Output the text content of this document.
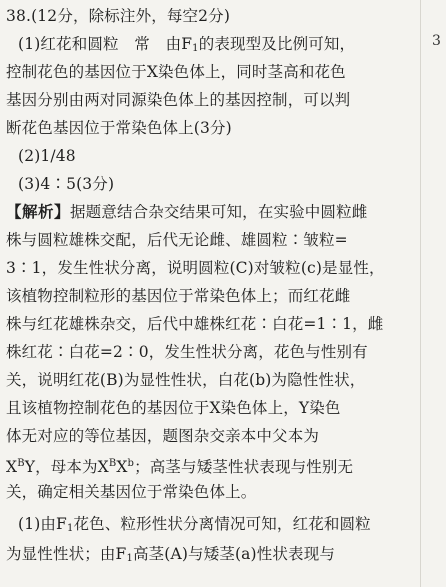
38.(12分，除标注外，每空2分)
(1)红花和圆粒　常　由$F_1$的表现型及比例可知，
控制花色的基因位于X染色体上，同时茎高和花色
基因分别由两对同源染色体上的基因控制，可以判
断花色基因位于常染色体上(3分)
(2)1/48
(3)4∶5(3分)
【解析】据题意结合杂交结果可知，在实验中圆粒雌
株与圆粒雄株交配，后代无论雌、雄圆粒∶皱粒=
3∶1，发生性状分离，说明圆粒(C)对皱粒(c)是显性，
该植物控制粒形的基因位于常染色体上；而红花雌
株与红花雄株杂交，后代中雄株红花∶白花=1∶1，雌
株红花∶白花=2∶0，发生性状分离，花色与性别有
关，说明红花(B)为显性性状，白花(b)为隐性性状，
且该植物控制花色的基因位于X染色体上，Y染色
体无对应的等位基因，题图杂交亲本中父本为
$X^BY$，母本为$X^BX^b$；高茎与矮茎性状表现与性别无
关，确定相关基因位于常染色体上。
(1)由$F_1$花色、粒形性状分离情况可知，红花和圆粒
为显性性状；由$F_1$高茎(A)与矮茎(a)性状表现与
3
